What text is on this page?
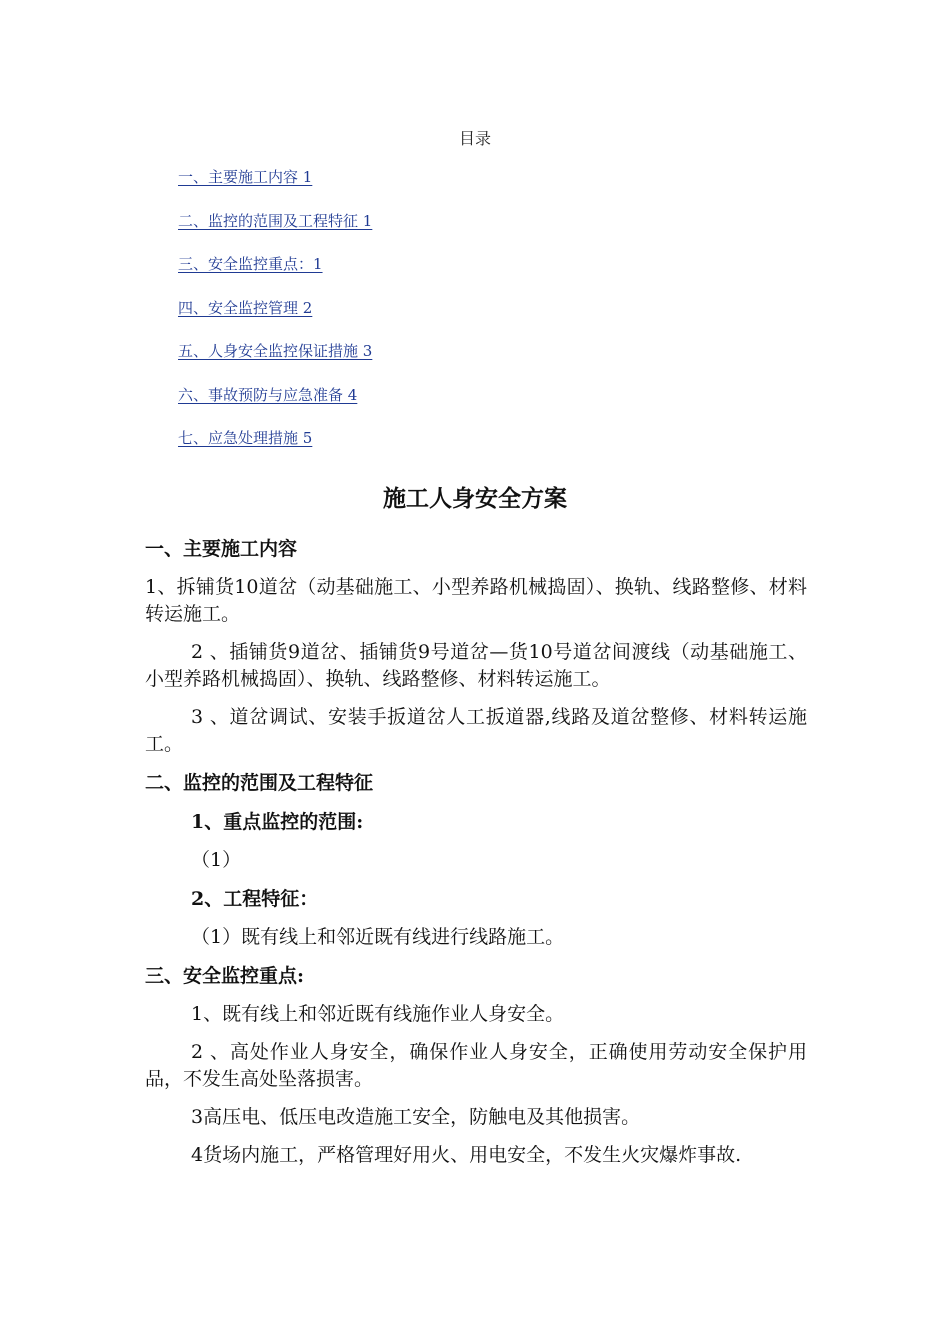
目录
一、主要施工内容 1
二、监控的范围及工程特征 1
三、安全监控重点：1
四、安全监控管理 2
五、人身安全监控保证措施 3
六、事故预防与应急准备 4
七、应急处理措施 5
施工人身安全方案
一、主要施工内容
1、拆铺货10道岔（动基础施工、小型养路机械捣固）、换轨、线路整修、材料转运施工。
2 、插铺货9道岔、插铺货9号道岔—货10号道岔间渡线（动基础施工、小型养路机械捣固）、换轨、线路整修、材料转运施工。
3 、道岔调试、安装手扳道岔人工扳道器,线路及道岔整修、材料转运施工。
二、监控的范围及工程特征
1、重点监控的范围:
（1）
2、工程特征：
（1）既有线上和邻近既有线进行线路施工。
三、安全监控重点:
1、既有线上和邻近既有线施作业人身安全。
2 、高处作业人身安全，确保作业人身安全，正确使用劳动安全保护用品，不发生高处坠落损害。
3高压电、低压电改造施工安全，防触电及其他损害。
4货场内施工，严格管理好用火、用电安全，不发生火灾爆炸事故.
